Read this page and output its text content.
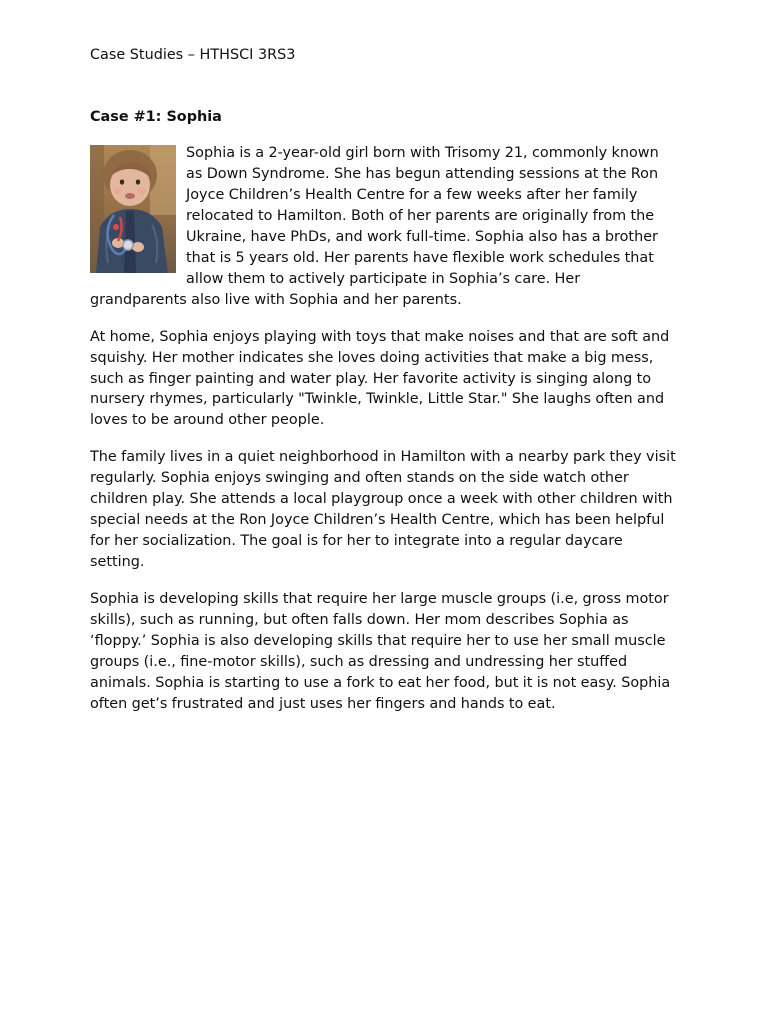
Case Studies – HTHSCI 3RS3
Case #1: Sophia

Sophia is a 2-year-old girl born with Trisomy 21, commonly known as Down Syndrome. She has begun attending sessions at the Ron Joyce Children’s Health Centre for a few weeks after her family relocated to Hamilton. Both of her parents are originally from the Ukraine, have PhDs, and work full-time. Sophia also has a brother that is 5 years old. Her parents have flexible work schedules that allow them to actively participate in Sophia’s care. Her grandparents also live with Sophia and her parents.

At home, Sophia enjoys playing with toys that make noises and that are soft and squishy. Her mother indicates she loves doing activities that make a big mess, such as finger painting and water play. Her favorite activity is singing along to nursery rhymes, particularly "Twinkle, Twinkle, Little Star." She laughs often and loves to be around other people.

The family lives in a quiet neighborhood in Hamilton with a nearby park they visit regularly. Sophia enjoys swinging and often stands on the side watch other children play. She attends a local playgroup once a week with other children with special needs at the Ron Joyce Children’s Health Centre, which has been helpful for her socialization. The goal is for her to integrate into a regular daycare setting.

Sophia is developing skills that require her large muscle groups (i.e, gross motor skills), such as running, but often falls down. Her mom describes Sophia as ‘floppy.’ Sophia is also developing skills that require her to use her small muscle groups (i.e., fine-motor skills), such as dressing and undressing her stuffed animals. Sophia is starting to use a fork to eat her food, but it is not easy. Sophia often get’s frustrated and just uses her fingers and hands to eat.
